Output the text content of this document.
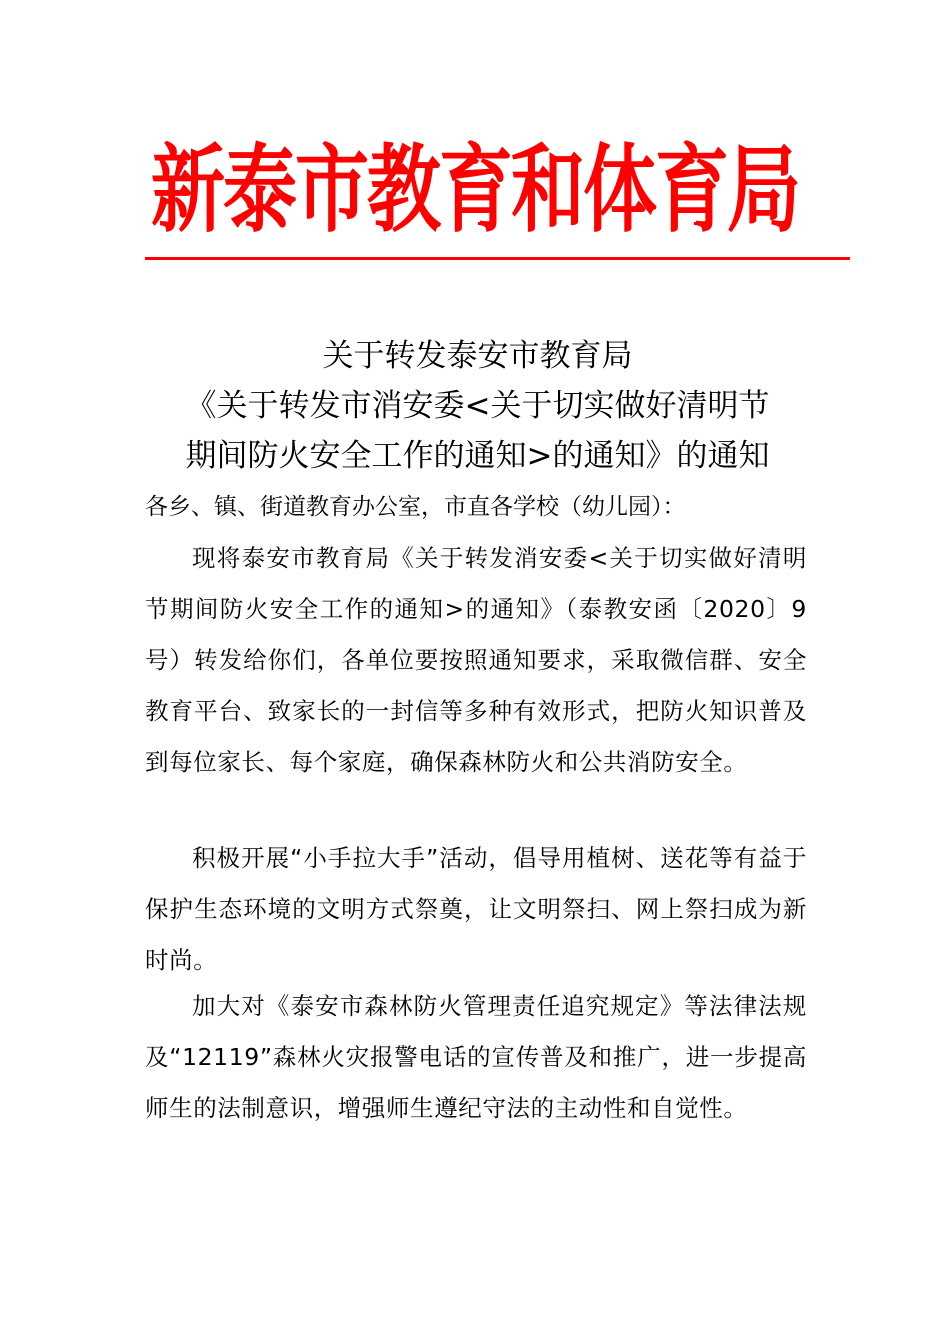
新泰市教育和体育局
关于转发泰安市教育局
《关于转发市消安委<关于切实做好清明节
期间防火安全工作的通知>的通知》的通知
各乡、镇、街道教育办公室，市直各学校（幼儿园）：

现将泰安市教育局《关于转发消安委<关于切实做好清明节期间防火安全工作的通知>的通知》（泰教安函〔2020〕9号）转发给你们，各单位要按照通知要求，采取微信群、安全教育平台、致家长的一封信等多种有效形式，把防火知识普及到每位家长、每个家庭，确保森林防火和公共消防安全。

积极开展“小手拉大手”活动，倡导用植树、送花等有益于保护生态环境的文明方式祭奠，让文明祭扫、网上祭扫成为新时尚。

加大对《泰安市森林防火管理责任追究规定》等法律法规及“12119”森林火灾报警电话的宣传普及和推广，进一步提高师生的法制意识，增强师生遵纪守法的主动性和自觉性。
